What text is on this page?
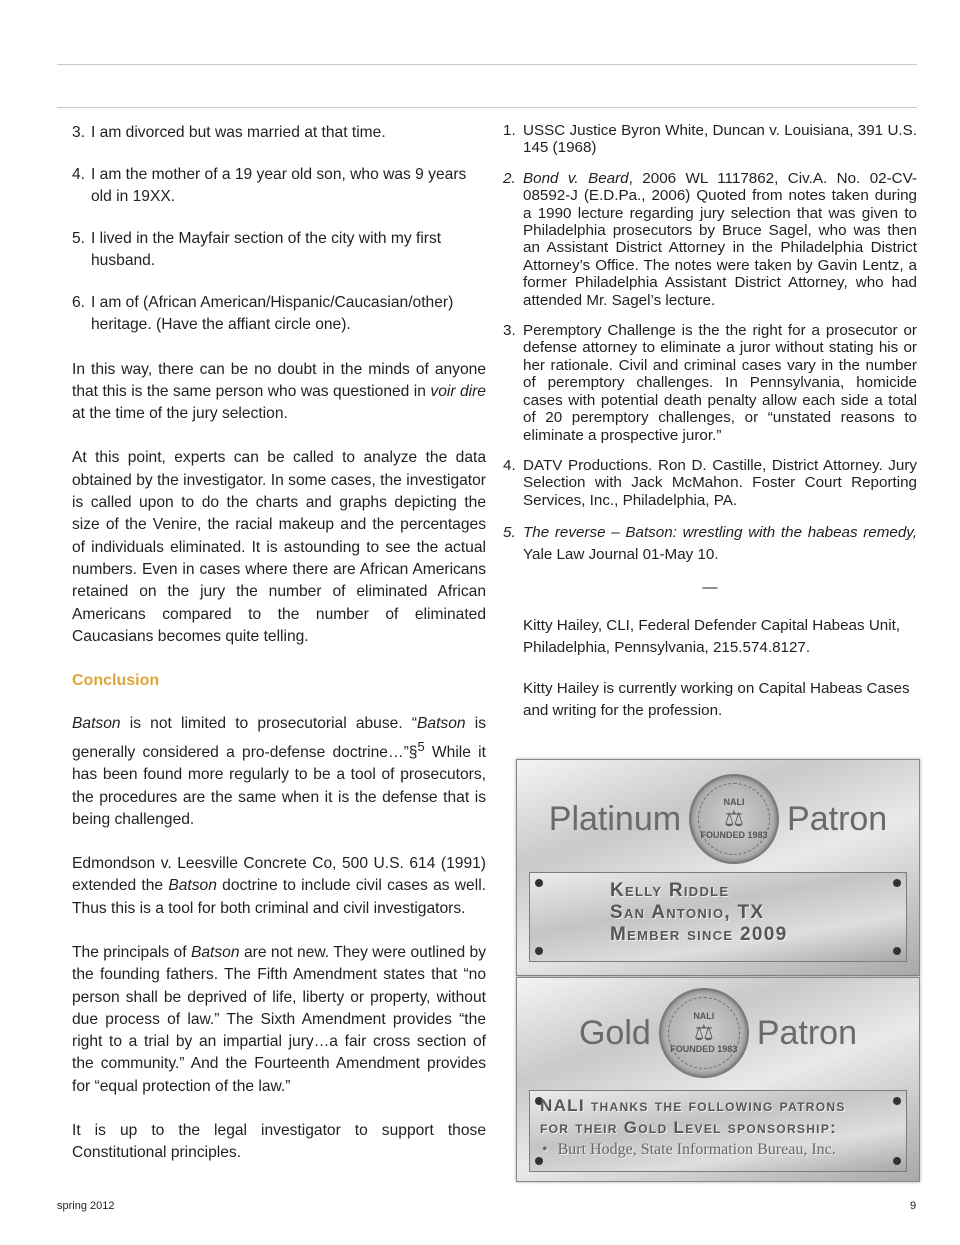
3. I am divorced but was married at that time.
4. I am the mother of a 19 year old son, who was 9 years old in 19XX.
5. I lived in the Mayfair section of the city with my first husband.
6. I am of (African American/Hispanic/Caucasian/other) heritage. (Have the affiant circle one).

In this way, there can be no doubt in the minds of anyone that this is the same person who was questioned in voir dire at the time of the jury selection.

At this point, experts can be called to analyze the data obtained by the investigator. In some cases, the investigator is called upon to do the charts and graphs depicting the size of the Venire, the racial makeup and the percentages of individuals eliminated. It is astounding to see the actual numbers. Even in cases where there are African Americans retained on the jury the number of eliminated African Americans compared to the number of eliminated Caucasians becomes quite telling.

Conclusion

Batson is not limited to prosecutorial abuse. “Batson is generally considered a pro-defense doctrine…”§$^5$ While it has been found more regularly to be a tool of prosecutors, the procedures are the same when it is the defense that is being challenged.

Edmondson v. Leesville Concrete Co, 500 U.S. 614 (1991) extended the Batson doctrine to include civil cases as well. Thus this is a tool for both criminal and civil investigators.

The principals of Batson are not new. They were outlined by the founding fathers. The Fifth Amendment states that “no person shall be deprived of life, liberty or property, without due process of law.” The Sixth Amendment provides “the right to a trial by an impartial jury…a fair cross section of the community.” And the Fourteenth Amendment provides for “equal protection of the law.”

It is up to the legal investigator to support those Constitutional principles.

1. USSC Justice Byron White, Duncan v. Louisiana, 391 U.S. 145 (1968)
2. Bond v. Beard, 2006 WL 1117862, Civ.A. No. 02-CV-08592-J (E.D.Pa., 2006) Quoted from notes taken during a 1990 lecture regarding jury selection that was given to Philadelphia prosecutors by Bruce Sagel, who was then an Assistant District Attorney in the Philadelphia District Attorney’s Office. The notes were taken by Gavin Lentz, a former Philadelphia Assistant District Attorney, who had attended Mr. Sagel’s lecture.
3. Peremptory Challenge is the the right for a prosecutor or defense attorney to eliminate a juror without stating his or her rationale. Civil and criminal cases vary in the number of peremptory challenges. In Pennsylvania, homicide cases with potential death penalty allow each side a total of 20 peremptory challenges, or “unstated reasons to eliminate a prospective juror.”
4. DATV Productions. Ron D. Castille, District Attorney. Jury Selection with Jack McMahon. Foster Court Reporting Services, Inc., Philadelphia, PA.
5. The reverse – Batson: wrestling with the habeas remedy, Yale Law Journal 01-May 10.
—

Kitty Hailey, CLI, Federal Defender Capital Habeas Unit, Philadelphia, Pennsylvania, 215.574.8127.

Kitty Hailey is currently working on Capital Habeas Cases and writing for the profession.

Platinum	NALI
⚖
FOUNDED 1983 Patron
Kelly Riddle
San Antonio, TX
Member since 2009
Gold	NALI
⚖
FOUNDED 1983 Patron
NALI thanks the following patrons
for their Gold Level sponsorship:
• Burt Hodge, State Information Bureau, Inc.
spring 2012	9
